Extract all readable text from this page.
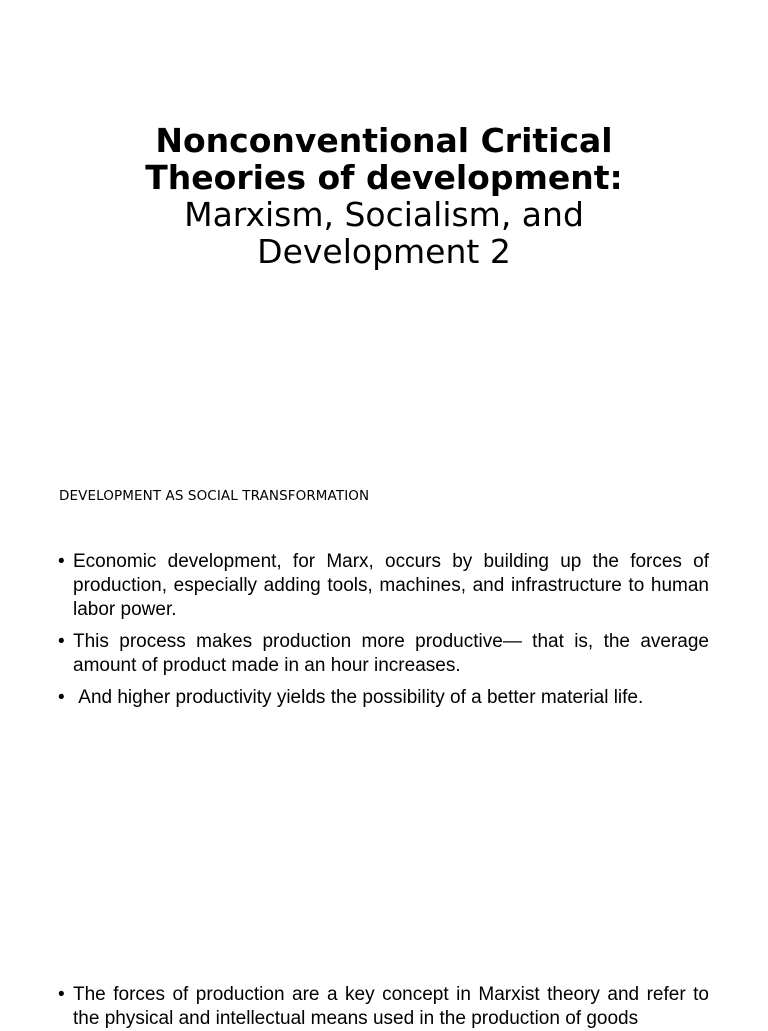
Nonconventional Critical
Theories of development:
Marxism, Socialism, and
Development 2

DEVELOPMENT AS SOCIAL TRANSFORMATION

• Economic development, for Marx, occurs by building up the forces of production, especially adding tools, machines, and infrastructure to human labor power.
• This process makes production more productive— that is, the average amount of product made in an hour increases.
• And higher productivity yields the possibility of a better material life.
• The forces of production are a key concept in Marxist theory and refer to the physical and intellectual means used in the production of goods
